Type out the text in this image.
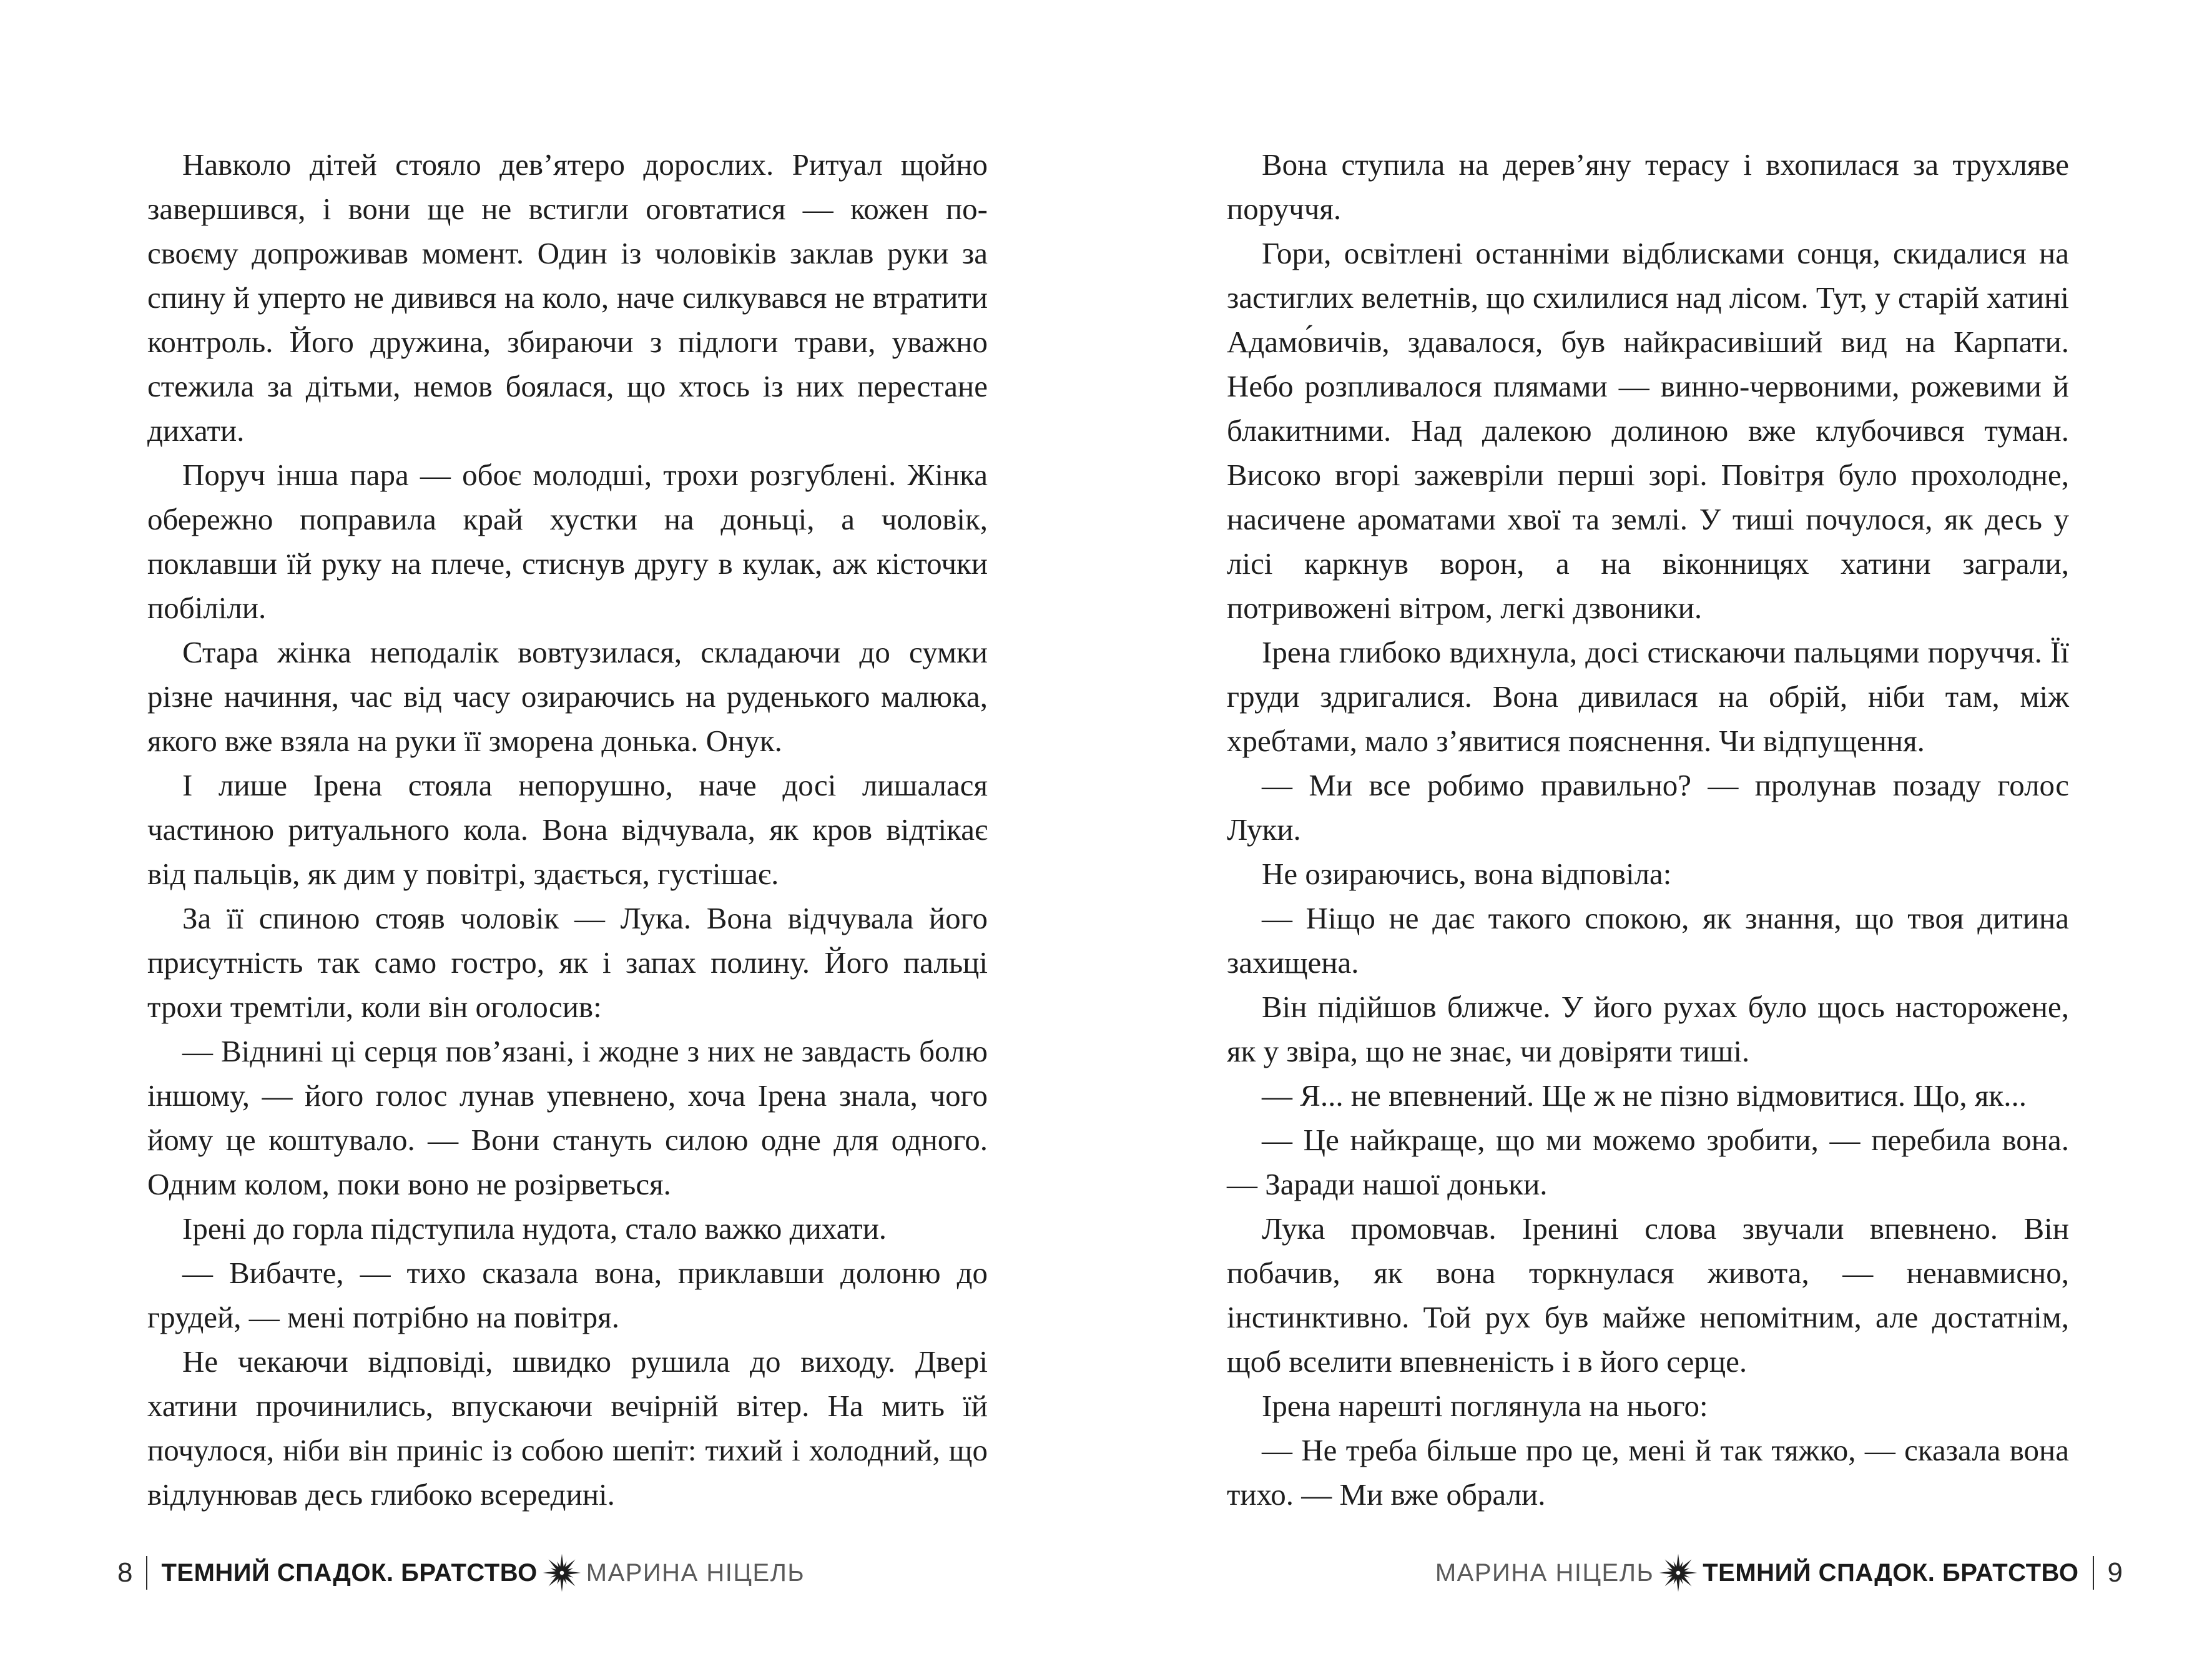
Навколо дітей стояло дев’ятеро дорослих. Ритуал щойно завершився, і вони ще не встигли оговтатися — кожен по-своєму допроживав момент. Один із чоловіків заклав руки за спину й уперто не дивився на коло, наче силкувався не втратити контроль. Його дружина, збираючи з підлоги трави, уважно стежила за дітьми, немов боялася, що хтось із них перестане дихати.

Поруч інша пара — обоє молодші, трохи розгублені. Жінка обережно поправила край хустки на доньці, а чоловік, поклавши їй руку на плече, стиснув другу в кулак, аж кісточки побіліли.

Стара жінка неподалік вовтузилася, складаючи до сумки різне начиння, час від часу озираючись на руденького малюка, якого вже взяла на руки її зморена донька. Онук.

І лише Ірена стояла непорушно, наче досі лишалася частиною ритуального кола. Вона відчувала, як кров відтікає від пальців, як дим у повітрі, здається, густішає.

За її спиною стояв чоловік — Лука. Вона відчувала його присутність так само гостро, як і запах полину. Його пальці трохи тремтіли, коли він оголосив:

— Віднині ці серця пов’язані, і жодне з них не завдасть болю іншому, — його голос лунав упевнено, хоча Ірена знала, чого йому це коштувало. — Вони стануть силою одне для одного. Одним колом, поки воно не розірветься.

Ірені до горла підступила нудота, стало важко дихати.

— Вибачте, — тихо сказала вона, приклавши долоню до грудей, — мені потрібно на повітря.

Не чекаючи відповіді, швидко рушила до виходу. Двері хатини прочинились, впускаючи вечірній вітер. На мить їй почулося, ніби він приніс із собою шепіт: тихий і холодний, що відлунював десь глибоко всередині.

8 ТЕМНИЙ СПАДОК. БРАТСТВО МАРИНА НІЦЕЛЬ

Вона ступила на дерев’яну терасу і вхопилася за трухляве поруччя.

Гори, освітлені останніми відблисками сонця, скидалися на застиглих велетнів, що схилилися над лісом. Тут, у старій хатині Адамо́вичів, здавалося, був найкрасивіший вид на Карпати. Небо розпливалося плямами — винно-червоними, рожевими й блакитними. Над далекою долиною вже клубочився туман. Високо вгорі зажевріли перші зорі. Повітря було прохолодне, насичене ароматами хвої та землі. У тиші почулося, як десь у лісі каркнув ворон, а на віконницях хатини заграли, потривожені вітром, легкі дзвоники.

Ірена глибоко вдихнула, досі стискаючи пальцями поруччя. Її груди здригалися. Вона дивилася на обрій, ніби там, між хребтами, мало з’явитися пояснення. Чи відпущення.

— Ми все робимо правильно? — пролунав позаду голос Луки.

Не озираючись, вона відповіла:

— Ніщо не дає такого спокою, як знання, що твоя дитина захищена.

Він підійшов ближче. У його рухах було щось насторожене, як у звіра, що не знає, чи довіряти тиші.

— Я... не впевнений. Ще ж не пізно відмовитися. Що, як...

— Це найкраще, що ми можемо зробити, — перебила вона. — Заради нашої доньки.

Лука промовчав. Іренині слова звучали впевнено. Він побачив, як вона торкнулася живота, — ненавмисно, інстинктивно. Той рух був майже непомітним, але достатнім, щоб вселити впевненість і в його серце.

Ірена нарешті поглянула на нього:

— Не треба більше про це, мені й так тяжко, — сказала вона тихо. — Ми вже обрали.

МАРИНА НІЦЕЛЬ ТЕМНИЙ СПАДОК. БРАТСТВО 9
